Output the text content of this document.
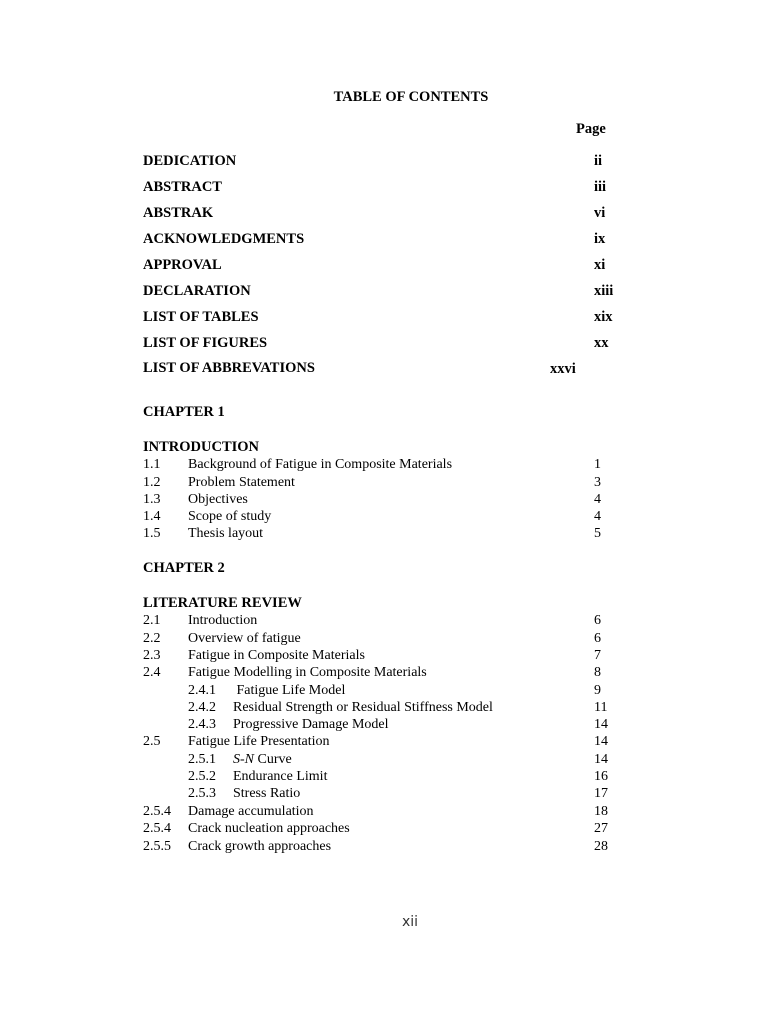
TABLE OF CONTENTS
Page
DEDICATION	ii
ABSTRACT	iii
ABSTRAK	vi
ACKNOWLEDGMENTS	ix
APPROVAL	xi
DECLARATION	xiii
LIST OF TABLES	xix
LIST OF FIGURES	xx
LIST OF ABBREVATIONS	xxvi
CHAPTER 1
INTRODUCTION
1.1 Background of Fatigue in Composite Materials	1
1.2 Problem Statement	3
1.3 Objectives	4
1.4 Scope of study	4
1.5 Thesis layout	5
CHAPTER 2
LITERATURE REVIEW
2.1 Introduction	6
2.2 Overview of fatigue	6
2.3 Fatigue in Composite Materials	7
2.4 Fatigue Modelling in Composite Materials	8
2.4.1 Fatigue Life Model	9
2.4.2 Residual Strength or Residual Stiffness Model	11
2.4.3 Progressive Damage Model	14
2.5 Fatigue Life Presentation	14
2.5.1 S-N Curve	14
2.5.2 Endurance Limit	16
2.5.3 Stress Ratio	17
2.5.4 Damage accumulation	18
2.5.4 Crack nucleation approaches	27
2.5.5 Crack growth approaches	28
xii
